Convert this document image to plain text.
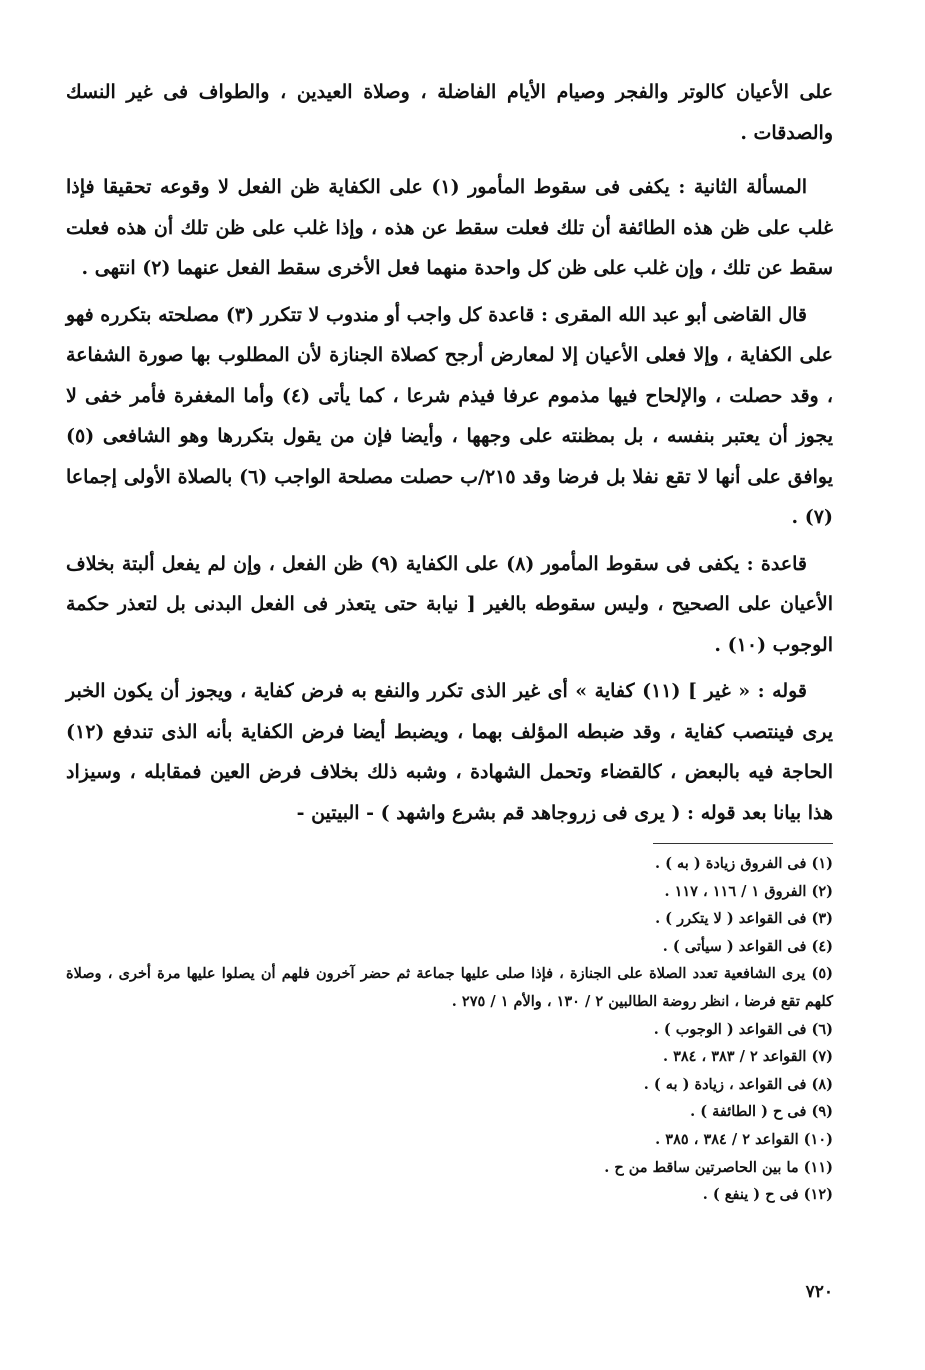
على الأعيان كالوتر والفجر وصيام الأيام الفاضلة ، وصلاة العيدين ، والطواف فى غير النسك والصدقات .

المسألة الثانية : يكفى فى سقوط المأمور (١) على الكفاية ظن الفعل لا وقوعه تحقيقا فإذا غلب على ظن هذه الطائفة أن تلك فعلت سقط عن هذه ، وإذا غلب على ظن تلك أن هذه فعلت سقط عن تلك ، وإن غلب على ظن كل واحدة منهما فعل الأخرى سقط الفعل عنهما (٢) انتهى .

قال القاضى أبو عبد الله المقرى : قاعدة كل واجب أو مندوب لا تتكرر (٣) مصلحته بتكرره فهو على الكفاية ، وإلا فعلى الأعيان إلا لمعارض أرجح كصلاة الجنازة لأن المطلوب بها صورة الشفاعة ، وقد حصلت ، والإلحاح فيها مذموم عرفا فيذم شرعا ، كما يأتى (٤) وأما المغفرة فأمر خفى لا يجوز أن يعتبر بنفسه ، بل بمظنته على وجهها ، وأيضا فإن من يقول بتكررها وهو الشافعى (٥) يوافق على أنها لا تقع نفلا بل فرضا وقد ٢١٥/ب حصلت مصلحة الواجب (٦) بالصلاة الأولى إجماعا (٧) .

قاعدة : يكفى فى سقوط المأمور (٨) على الكفاية (٩) ظن الفعل ، وإن لم يفعل ألبتة بخلاف الأعيان على الصحيح ، وليس سقوطه بالغير [ نيابة حتى يتعذر فى الفعل البدنى بل لتعذر حكمة الوجوب (١٠) .

قوله : « غير ] (١١) كفاية » أى غير الذى تكرر والنفع به فرض كفاية ، ويجوز أن يكون الخبر يرى فينتصب كفاية ، وقد ضبطه المؤلف بهما ، ويضبط أيضا فرض الكفاية بأنه الذى تندفع (١٢) الحاجة فيه بالبعض ، كالقضاء وتحمل الشهادة ، وشبه ذلك بخلاف فرض العين فمقابله ، وسيزاد هذا بيانا بعد قوله : ( يرى فى زروجاهد قم بشرع واشهد ) - البيتين -

(١) فى الفروق زيادة ( به ) .
(٢) الفروق ١ / ١١٦ ، ١١٧ .
(٣) فى القواعد ( لا يتكرر ) .
(٤) فى القواعد ( سيأتى ) .
(٥) يرى الشافعية تعدد الصلاة على الجنازة ، فإذا صلى عليها جماعة ثم حضر آخرون فلهم أن يصلوا عليها مرة أخرى ، وصلاة كلهم تقع فرضا ، انظر روضة الطالبين ٢ / ١٣٠ ، والأم ١ / ٢٧٥ .
(٦) فى القواعد ( الوجوب ) .
(٧) القواعد ٢ / ٣٨٣ ، ٣٨٤ .
(٨) فى القواعد ، زيادة ( به ) .
(٩) فى ح ( الطائفة ) .
(١٠) القواعد ٢ / ٣٨٤ ، ٣٨٥ .
(١١) ما بين الحاصرتين ساقط من ح .
(١٢) فى ح ( ينفع ) .
٧٢٠
